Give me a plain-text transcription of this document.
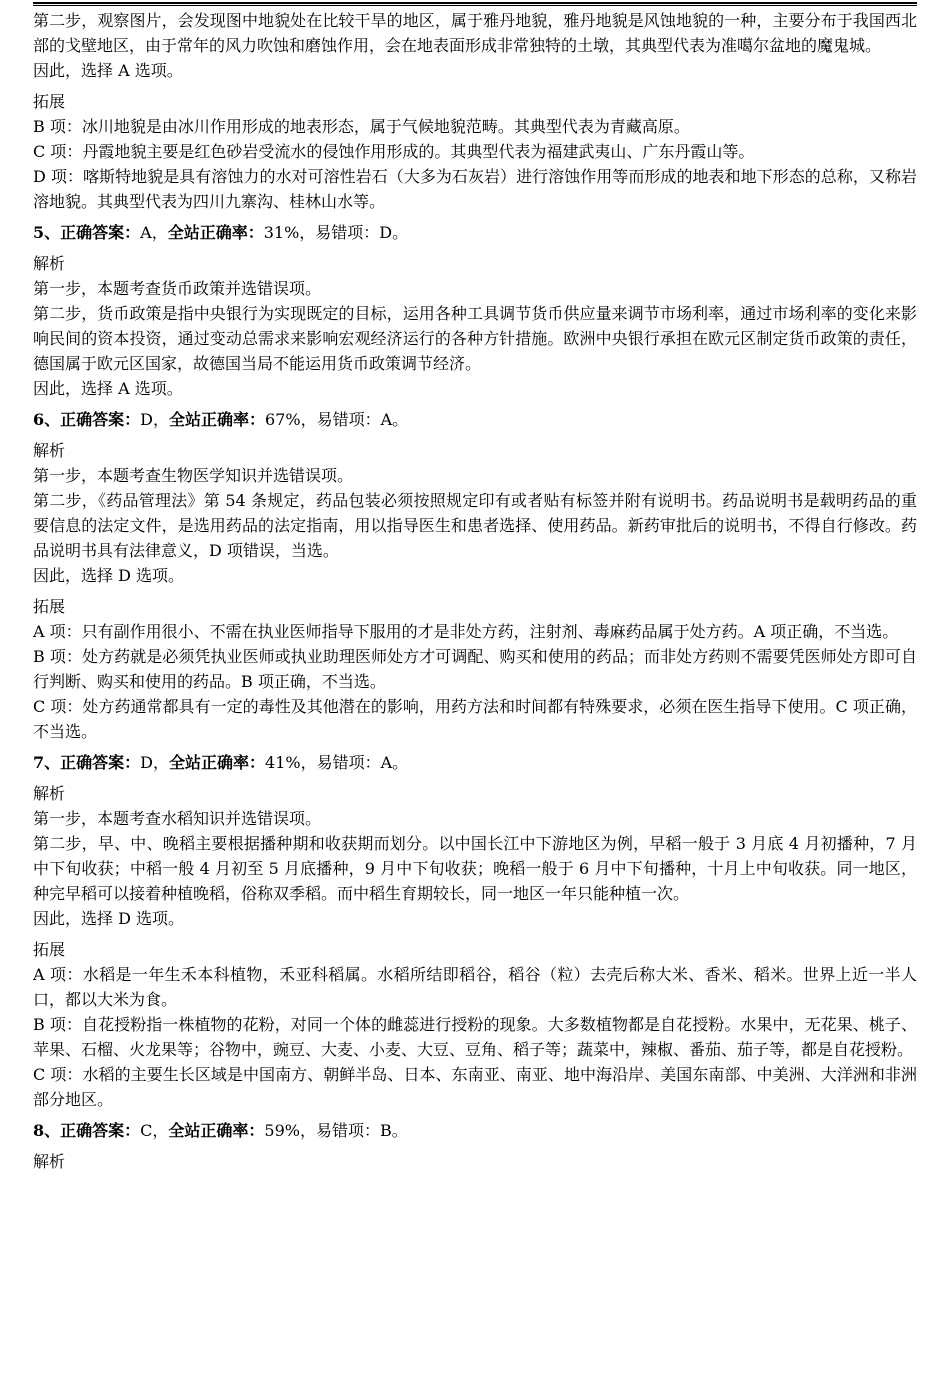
第二步，观察图片，会发现图中地貌处在比较干旱的地区，属于雅丹地貌，雅丹地貌是风蚀地貌的一种，主要分布于我国西北部的戈壁地区，由于常年的风力吹蚀和磨蚀作用，会在地表面形成非常独特的土墩，其典型代表为准噶尔盆地的魔鬼城。

因此，选择 A 选项。

拓展

B 项：冰川地貌是由冰川作用形成的地表形态，属于气候地貌范畴。其典型代表为青藏高原。

C 项：丹霞地貌主要是红色砂岩受流水的侵蚀作用形成的。其典型代表为福建武夷山、广东丹霞山等。

D 项：喀斯特地貌是具有溶蚀力的水对可溶性岩石（大多为石灰岩）进行溶蚀作用等而形成的地表和地下形态的总称，又称岩溶地貌。其典型代表为四川九寨沟、桂林山水等。

5、正确答案：A，全站正确率：31%，易错项：D。

解析

第一步，本题考查货币政策并选错误项。

第二步，货币政策是指中央银行为实现既定的目标，运用各种工具调节货币供应量来调节市场利率，通过市场利率的变化来影响民间的资本投资，通过变动总需求来影响宏观经济运行的各种方针措施。欧洲中央银行承担在欧元区制定货币政策的责任，德国属于欧元区国家，故德国当局不能运用货币政策调节经济。

因此，选择 A 选项。

6、正确答案：D，全站正确率：67%，易错项：A。

解析

第一步，本题考查生物医学知识并选错误项。

第二步，《药品管理法》第 54 条规定，药品包装必须按照规定印有或者贴有标签并附有说明书。药品说明书是载明药品的重要信息的法定文件，是选用药品的法定指南，用以指导医生和患者选择、使用药品。新药审批后的说明书，不得自行修改。药品说明书具有法律意义，D 项错误，当选。

因此，选择 D 选项。

拓展

A 项：只有副作用很小、不需在执业医师指导下服用的才是非处方药，注射剂、毒麻药品属于处方药。A 项正确，不当选。

B 项：处方药就是必须凭执业医师或执业助理医师处方才可调配、购买和使用的药品；而非处方药则不需要凭医师处方即可自行判断、购买和使用的药品。B 项正确，不当选。

C 项：处方药通常都具有一定的毒性及其他潜在的影响，用药方法和时间都有特殊要求，必须在医生指导下使用。C 项正确，不当选。

7、正确答案：D，全站正确率：41%，易错项：A。

解析

第一步，本题考查水稻知识并选错误项。

第二步，早、中、晚稻主要根据播种期和收获期而划分。以中国长江中下游地区为例，早稻一般于 3 月底 4 月初播种，7 月中下旬收获；中稻一般 4 月初至 5 月底播种，9 月中下旬收获；晚稻一般于 6 月中下旬播种，十月上中旬收获。同一地区，种完早稻可以接着种植晚稻，俗称双季稻。而中稻生育期较长，同一地区一年只能种植一次。

因此，选择 D 选项。

拓展

A 项：水稻是一年生禾本科植物，禾亚科稻属。水稻所结即稻谷，稻谷（粒）去壳后称大米、香米、稻米。世界上近一半人口，都以大米为食。

B 项：自花授粉指一株植物的花粉，对同一个体的雌蕊进行授粉的现象。大多数植物都是自花授粉。水果中，无花果、桃子、苹果、石榴、火龙果等；谷物中，豌豆、大麦、小麦、大豆、豆角、稻子等；蔬菜中，辣椒、番茄、茄子等，都是自花授粉。

C 项：水稻的主要生长区域是中国南方、朝鲜半岛、日本、东南亚、南亚、地中海沿岸、美国东南部、中美洲、大洋洲和非洲部分地区。

8、正确答案：C，全站正确率：59%，易错项：B。

解析
